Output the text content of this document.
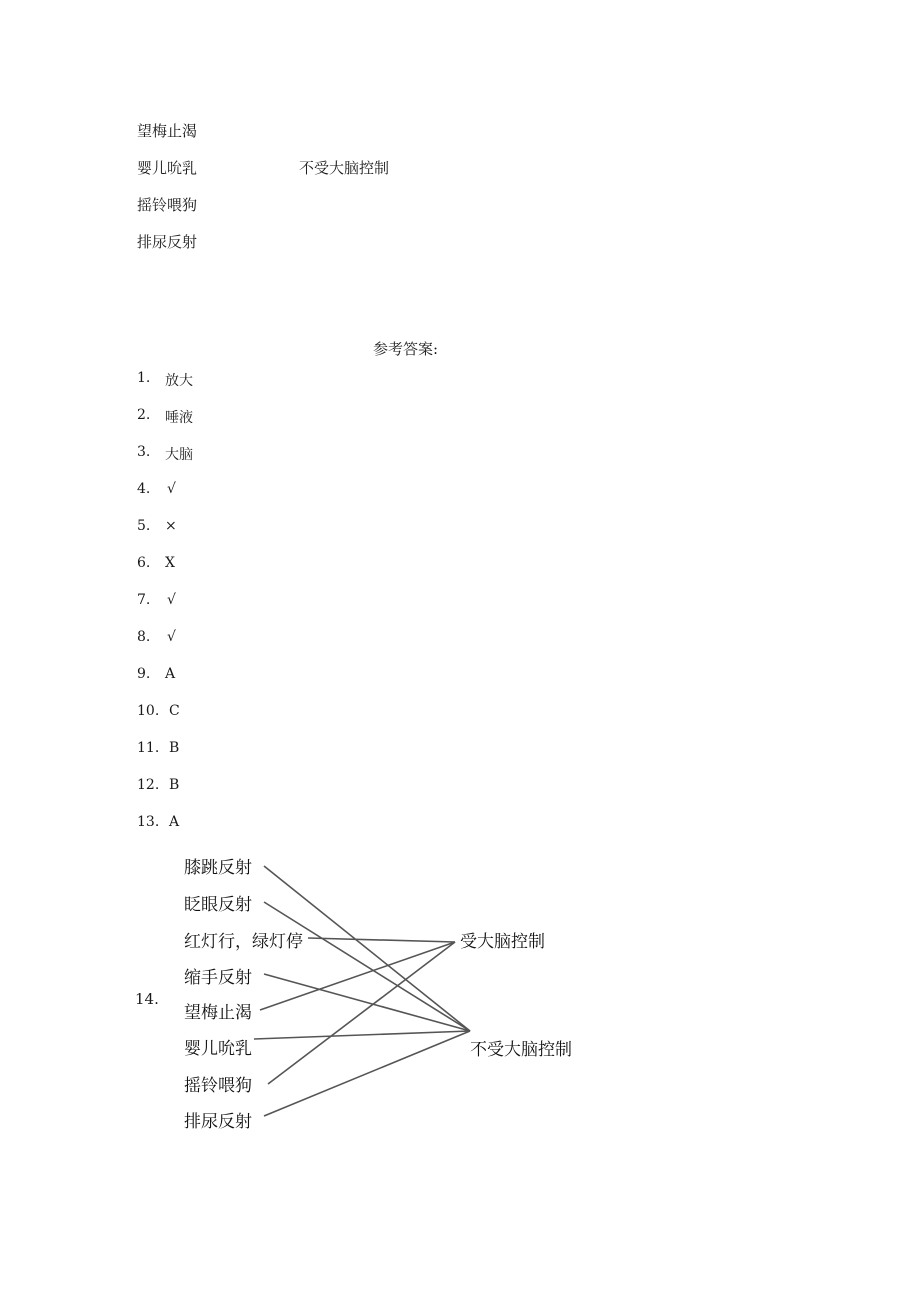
望梅止渴
婴儿吮乳	不受大脑控制
摇铃喂狗
排尿反射
参考答案:
1. 放大
2. 唾液
3. 大脑
4. √
5. ×
6. X
7. √
8. √
9. A
10. C
11. B
12. B
13. A
14.
膝跳反射
眨眼反射
红灯行，绿灯停
缩手反射
望梅止渴
婴儿吮乳
摇铃喂狗
排尿反射
受大脑控制
不受大脑控制
